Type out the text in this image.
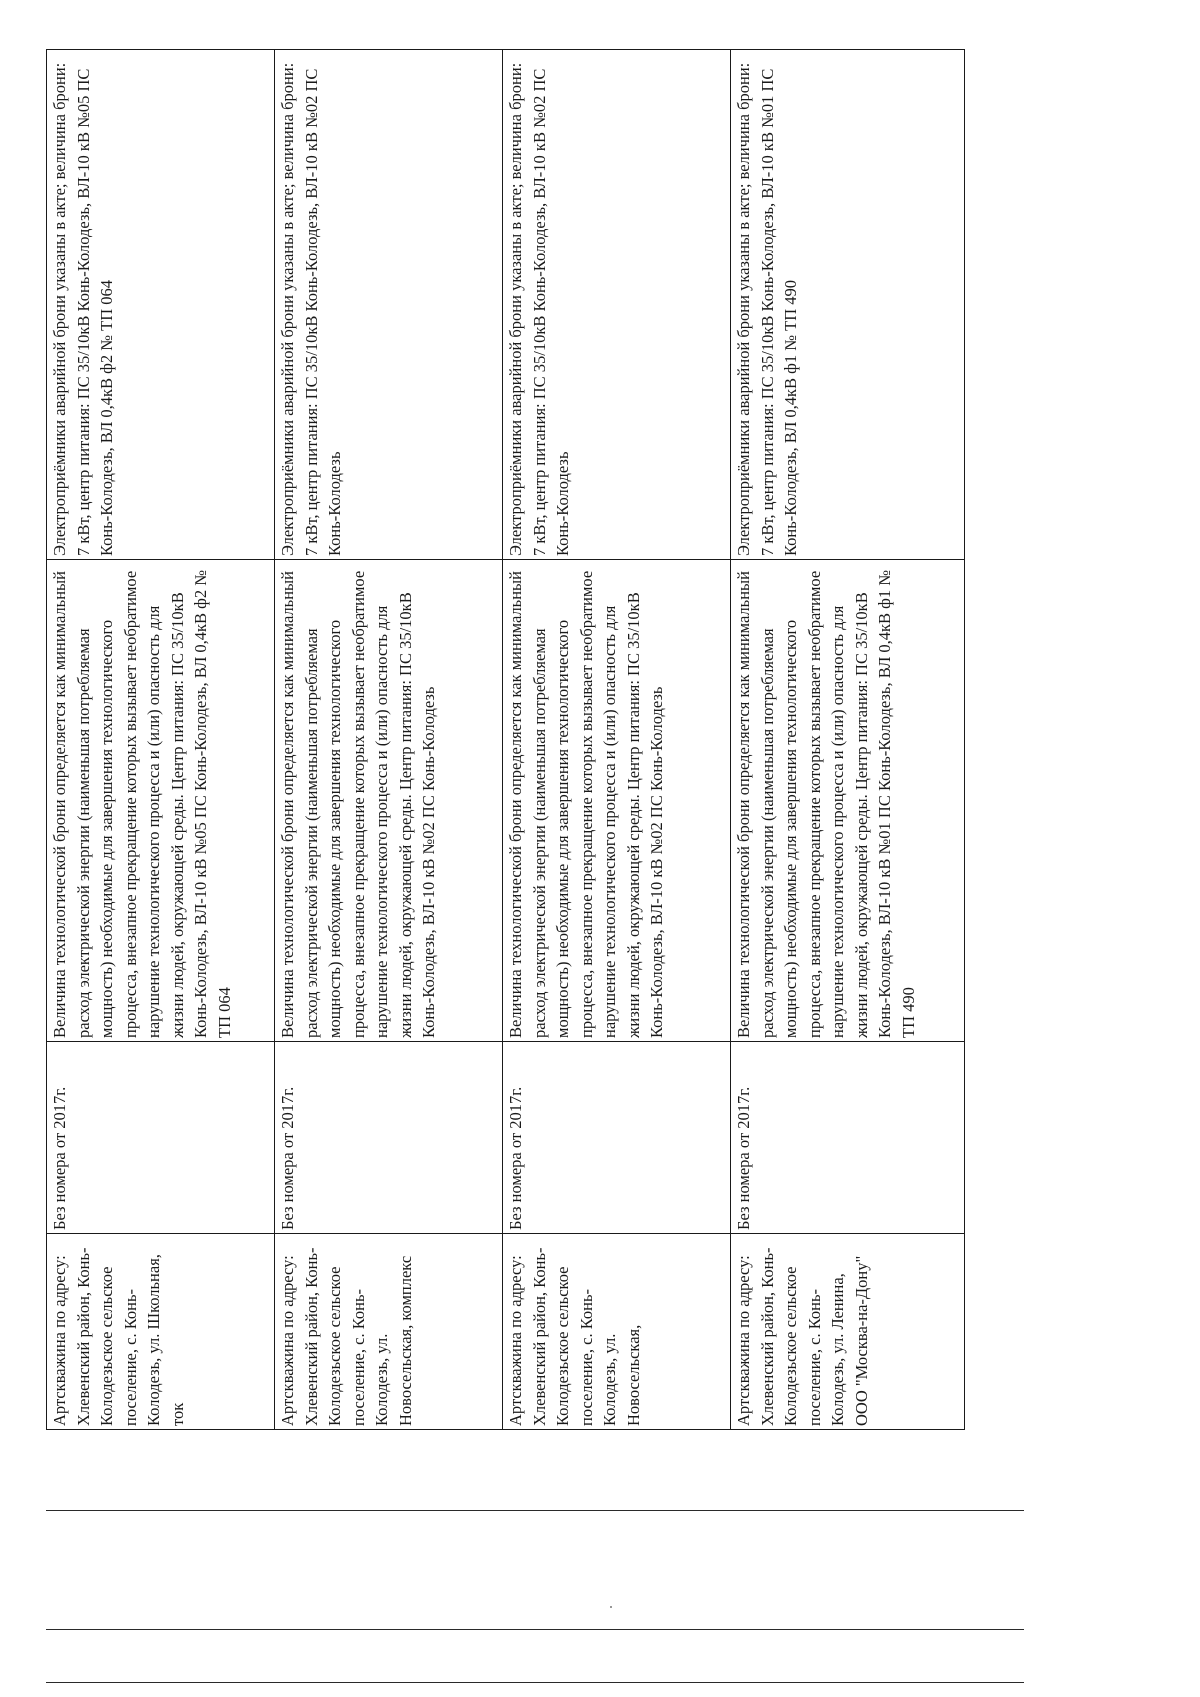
Артскважина по адресу: Хлевенский район, Конь-Колодезьское сельское поселение, с. Конь-Колодезь, ул. Школьная, ток	Без номера от 2017г.	Величина технологической брони определяется как минимальный расход электрической энергии (наименьшая потребляемая мощность) необходимые для завершения технологического процесса, внезапное прекращение которых вызывает необратимое нарушение технологического процесса и (или) опасность для жизни людей, окружающей среды. Центр питания: ПС 35/10кВ Конь-Колодезь, ВЛ-10 кВ №05 ПС Конь-Колодезь, ВЛ 0,4кВ ф2 № ТП 064	Электроприёмники аварийной брони указаны в акте; величина брони: 7 кВт, центр питания: ПС 35/10кВ Конь-Колодезь, ВЛ-10 кВ №05 ПС Конь-Колодезь, ВЛ 0,4кВ ф2 № ТП 064
Артскважина по адресу: Хлевенский район, Конь-Колодезьское сельское поселение, с. Конь-Колодезь, ул. Новосельская, комплекс	Без номера от 2017г.	Величина технологической брони определяется как минимальный расход электрической энергии (наименьшая потребляемая мощность) необходимые для завершения технологического процесса, внезапное прекращение которых вызывает необратимое нарушение технологического процесса и (или) опасность для жизни людей, окружающей среды. Центр питания: ПС 35/10кВ Конь-Колодезь, ВЛ-10 кВ №02 ПС Конь-Колодезь	Электроприёмники аварийной брони указаны в акте; величина брони: 7 кВт, центр питания: ПС 35/10кВ Конь-Колодезь, ВЛ-10 кВ №02 ПС Конь-Колодезь
Артскважина по адресу: Хлевенский район, Конь-Колодезьское сельское поселение, с. Конь-Колодезь, ул. Новосельская,	Без номера от 2017г.	Величина технологической брони определяется как минимальный расход электрической энергии (наименьшая потребляемая мощность) необходимые для завершения технологического процесса, внезапное прекращение которых вызывает необратимое нарушение технологического процесса и (или) опасность для жизни людей, окружающей среды. Центр питания: ПС 35/10кВ Конь-Колодезь, ВЛ-10 кВ №02 ПС Конь-Колодезь	Электроприёмники аварийной брони указаны в акте; величина брони: 7 кВт, центр питания: ПС 35/10кВ Конь-Колодезь, ВЛ-10 кВ №02 ПС Конь-Колодезь
Артскважина по адресу: Хлевенский район, Конь-Колодезьское сельское поселение, с. Конь-Колодезь, ул. Ленина, ООО "Москва-на-Дону"	Без номера от 2017г.	Величина технологической брони определяется как минимальный расход электрической энергии (наименьшая потребляемая мощность) необходимые для завершения технологического процесса, внезапное прекращение которых вызывает необратимое нарушение технологического процесса и (или) опасность для жизни людей, окружающей среды. Центр питания: ПС 35/10кВ Конь-Колодезь, ВЛ-10 кВ №01 ПС Конь-Колодезь, ВЛ 0,4кВ ф1 № ТП 490	Электроприёмники аварийной брони указаны в акте; величина брони: 7 кВт, центр питания: ПС 35/10кВ Конь-Колодезь, ВЛ-10 кВ №01 ПС Конь-Колодезь, ВЛ 0,4кВ ф1 № ТП 490
